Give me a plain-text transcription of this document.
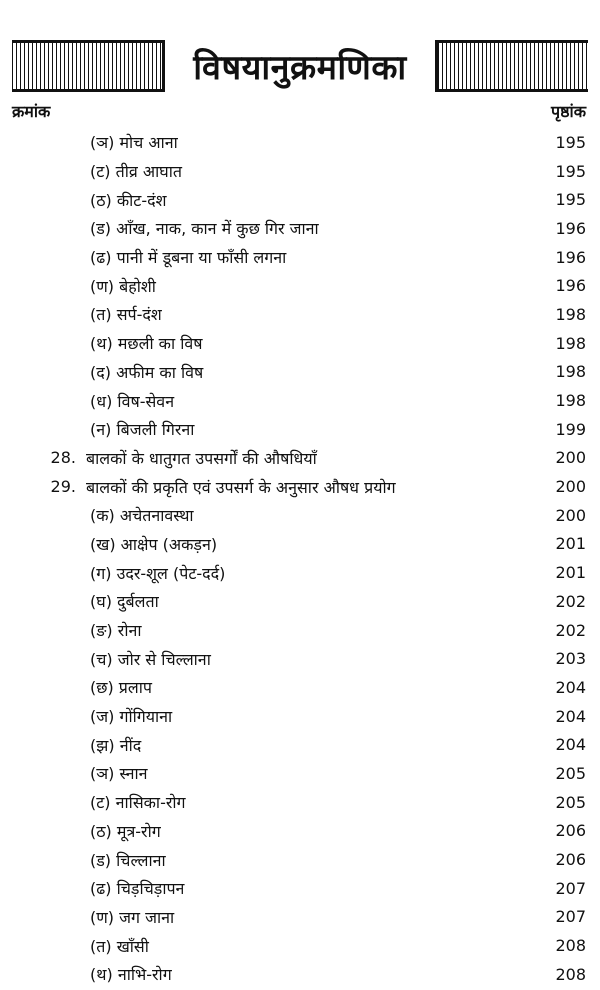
विषयानुक्रमणिका
क्रमांक	पृष्ठांक
(ञ) मोच आना	195
(ट) तीव्र आघात	195
(ठ) कीट-दंश	195
(ड) आँख, नाक, कान में कुछ गिर जाना	196
(ढ) पानी में डूबना या फाँसी लगना	196
(ण) बेहोशी	196
(त) सर्प-दंश	198
(थ) मछली का विष	198
(द) अफीम का विष	198
(ध) विष-सेवन	198
(न) बिजली गिरना	199
28. बालकों के धातुगत उपसर्गों की औषधियाँ	200
29. बालकों की प्रकृति एवं उपसर्ग के अनुसार औषध प्रयोग	200
(क) अचेतनावस्था	200
(ख) आक्षेप (अकड़न)	201
(ग) उदर-शूल (पेट-दर्द)	201
(घ) दुर्बलता	202
(ङ) रोना	202
(च) जोर से चिल्लाना	203
(छ) प्रलाप	204
(ज) गोंगियाना	204
(झ) नींद	204
(ञ) स्नान	205
(ट) नासिका-रोग	205
(ठ) मूत्र-रोग	206
(ड) चिल्लाना	206
(ढ) चिड़चिड़ापन	207
(ण) जग जाना	207
(त) खाँसी	208
(थ) नाभि-रोग	208
